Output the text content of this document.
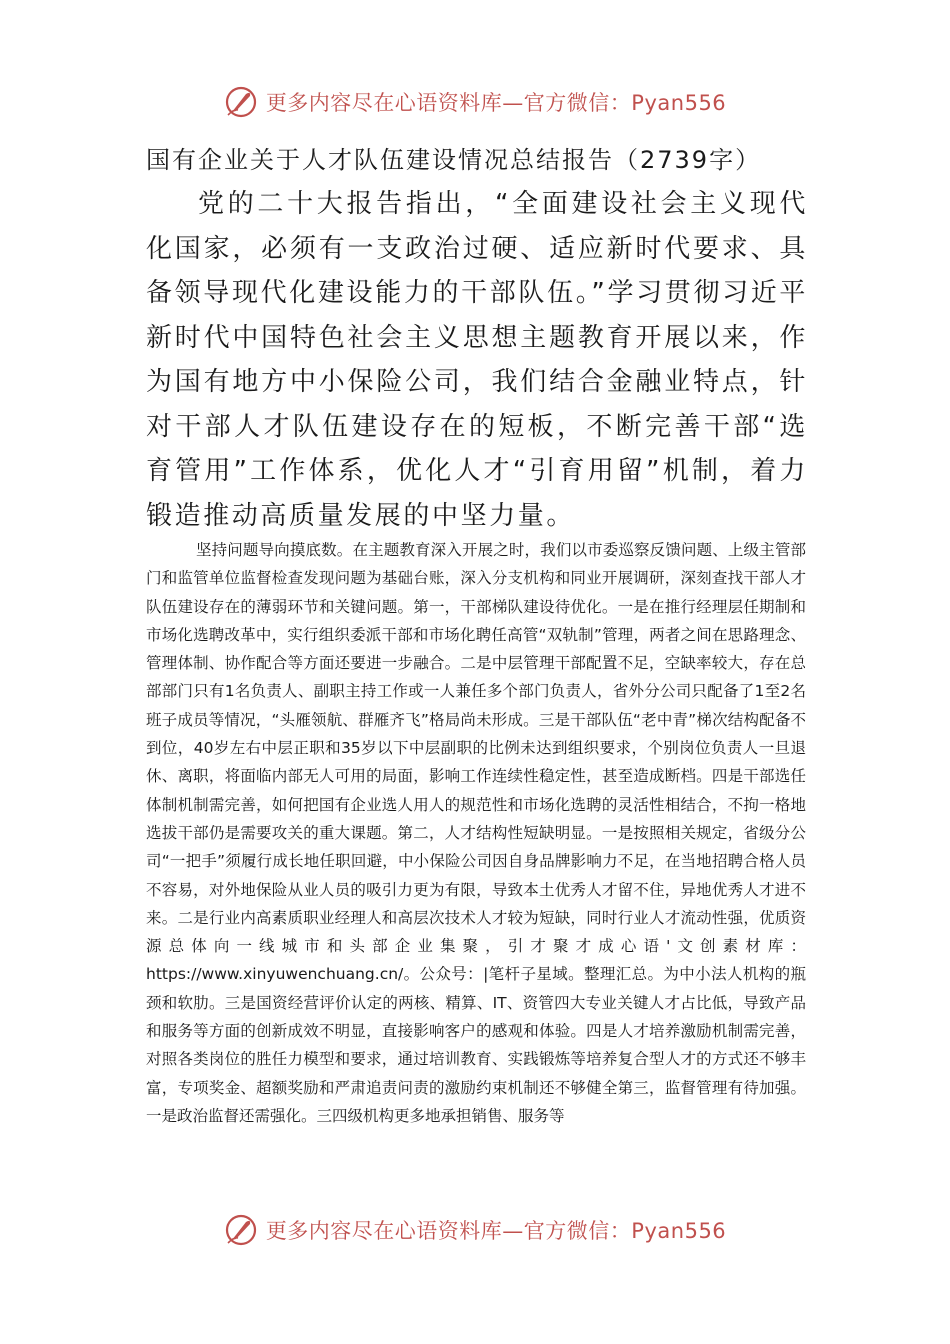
更多内容尽在心语资料库—官方微信：Pyan556
国有企业关于人才队伍建设情况总结报告（2739字）

党的二十大报告指出，“全面建设社会主义现代化国家，必须有一支政治过硬、适应新时代要求、具备领导现代化建设能力的干部队伍。”学习贯彻习近平新时代中国特色社会主义思想主题教育开展以来，作为国有地方中小保险公司，我们结合金融业特点，针对干部人才队伍建设存在的短板，不断完善干部“选育管用”工作体系，优化人才“引育用留”机制，着力锻造推动高质量发展的中坚力量。

坚持问题导向摸底数。在主题教育深入开展之时，我们以市委巡察反馈问题、上级主管部门和监管单位监督检查发现问题为基础台账，深入分支机构和同业开展调研，深刻查找干部人才队伍建设存在的薄弱环节和关键问题。第一，干部梯队建设待优化。一是在推行经理层任期制和市场化选聘改革中，实行组织委派干部和市场化聘任高管“双轨制”管理，两者之间在思路理念、管理体制、协作配合等方面还要进一步融合。二是中层管理干部配置不足，空缺率较大，存在总部部门只有1名负责人、副职主持工作或一人兼任多个部门负责人，省外分公司只配备了1至2名班子成员等情况，“头雁领航、群雁齐飞”格局尚未形成。三是干部队伍“老中青”梯次结构配备不到位，40岁左右中层正职和35岁以下中层副职的比例未达到组织要求，个别岗位负责人一旦退休、离职，将面临内部无人可用的局面，影响工作连续性稳定性，甚至造成断档。四是干部选任体制机制需完善，如何把国有企业选人用人的规范性和市场化选聘的灵活性相结合，不拘一格地选拔干部仍是需要攻关的重大课题。第二，人才结构性短缺明显。一是按照相关规定，省级分公司“一把手”须履行成长地任职回避，中小保险公司因自身品牌影响力不足，在当地招聘合格人员不容易，对外地保险从业人员的吸引力更为有限，导致本土优秀人才留不住，异地优秀人才进不来。二是行业内高素质职业经理人和高层次技术人才较为短缺，同时行业人才流动性强，优质资源总体向一线城市和头部企业集聚，引才聚才成心语'文创素材库：https://www.xinyuwenchuang.cn/。公众号：|笔杆子星域。整理汇总。为中小法人机构的瓶颈和软肋。三是国资经营评价认定的两核、精算、IT、资管四大专业关键人才占比低，导致产品和服务等方面的创新成效不明显，直接影响客户的感观和体验。四是人才培养激励机制需完善，对照各类岗位的胜任力模型和要求，通过培训教育、实践锻炼等培养复合型人才的方式还不够丰富，专项奖金、超额奖励和严肃追责问责的激励约束机制还不够健全第三，监督管理有待加强。一是政治监督还需强化。三四级机构更多地承担销售、服务等

更多内容尽在心语资料库—官方微信：Pyan556
